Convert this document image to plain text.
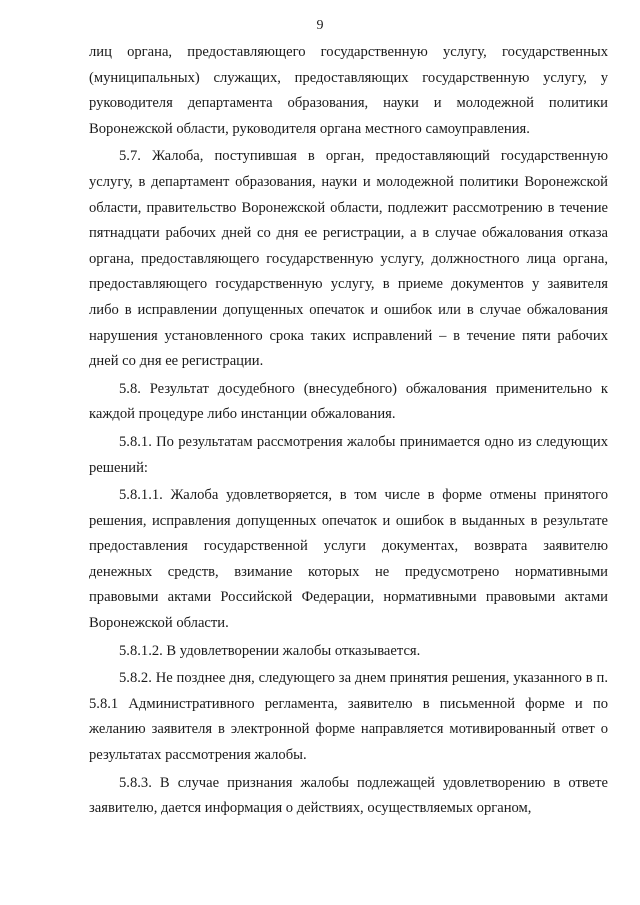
9

лиц органа, предоставляющего государственную услугу, государственных (муниципальных) служащих, предоставляющих государственную услугу, у руководителя департамента образования, науки и молодежной политики Воронежской области, руководителя органа местного самоуправления.

5.7. Жалоба, поступившая в орган, предоставляющий государственную услугу, в департамент образования, науки и молодежной политики Воронежской области, правительство Воронежской области, подлежит рассмотрению в течение пятнадцати рабочих дней со дня ее регистрации, а в случае обжалования отказа органа, предоставляющего государственную услугу, должностного лица органа, предоставляющего государственную услугу, в приеме документов у заявителя либо в исправлении допущенных опечаток и ошибок или в случае обжалования нарушения установленного срока таких исправлений – в течение пяти рабочих дней со дня ее регистрации.

5.8. Результат досудебного (внесудебного) обжалования применительно к каждой процедуре либо инстанции обжалования.

5.8.1. По результатам рассмотрения жалобы принимается одно из следующих решений:

5.8.1.1. Жалоба удовлетворяется, в том числе в форме отмены принятого решения, исправления допущенных опечаток и ошибок в выданных в результате предоставления государственной услуги документах, возврата заявителю денежных средств, взимание которых не предусмотрено нормативными правовыми актами Российской Федерации, нормативными правовыми актами Воронежской области.

5.8.1.2. В удовлетворении жалобы отказывается.

5.8.2. Не позднее дня, следующего за днем принятия решения, указанного в п. 5.8.1 Административного регламента, заявителю в письменной форме и по желанию заявителя в электронной форме направляется мотивированный ответ о результатах рассмотрения жалобы.

5.8.3. В случае признания жалобы подлежащей удовлетворению в ответе заявителю, дается информация о действиях, осуществляемых органом,
